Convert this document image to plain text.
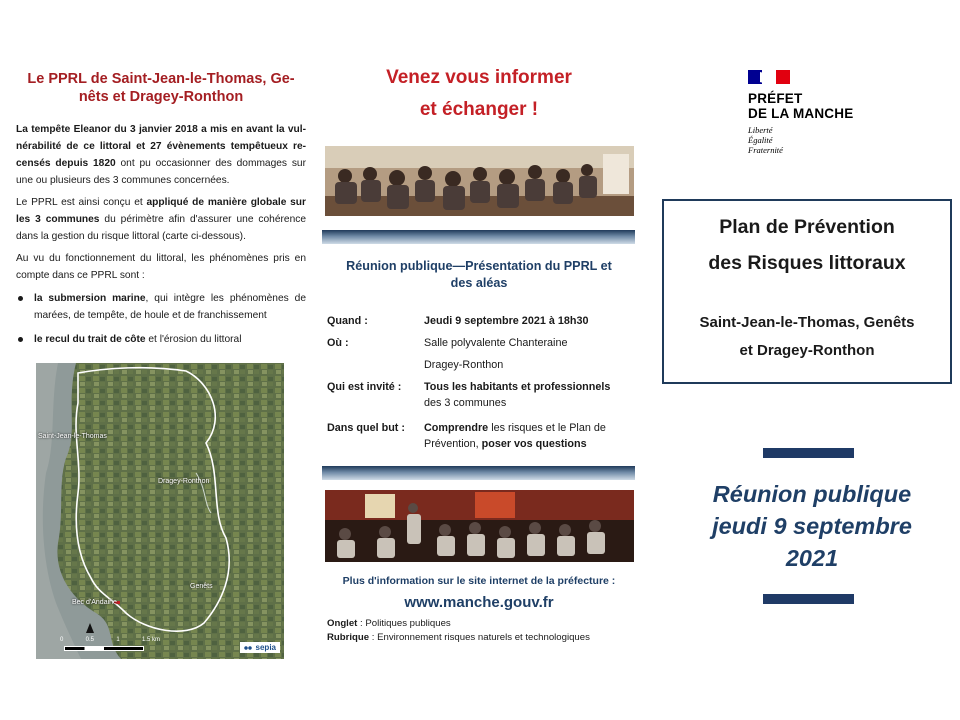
Le PPRL de Saint-Jean-le-Thomas, Ge-
nêts et Dragey-Ronthon
La tempête Eleanor du 3 janvier 2018 a mis en avant la vul-nérabilité de ce littoral et 27 évènements tempêtueux re-censés depuis 1820 ont pu occasionner des dommages sur une ou plusieurs des 3 communes concernées.
Le PPRL est ainsi conçu et appliqué de manière globale sur les 3 communes du périmètre afin d'assurer une cohérence dans la gestion du risque littoral (carte ci-dessous).
Au vu du fonctionnement du littoral, les phénomènes pris en compte dans ce PPRL sont :
la submersion marine, qui intègre les phénomènes de marées, de tempête, de houle et de franchissement
le recul du trait de côte et l'érosion du littoral
Saint-Jean-le-Thomas
Dragey-Ronthon
Genêts
Bec d'Andaine
0	0.5	1	1.5 km
sepia
Venez vous informer
et échanger !
Réunion publique—Présentation du PPRL et
des aléas
Quand :	Jeudi 9 septembre 2021 à 18h30
Où :	Salle polyvalente Chanteraine
Dragey-Ronthon
Qui est invité : Tous les habitants et professionnels
des 3 communes
Dans quel but : Comprendre les risques et le Plan de Prévention, poser vos questions
Plus d'information sur le site internet de la préfecture :
www.manche.gouv.fr
Onglet : Politiques publiques
Rubrique : Environnement risques naturels et technologiques
PRÉFET
DE LA MANCHE
Liberté
Égalité
Fraternité
Plan de Prévention
des Risques littoraux
Saint-Jean-le-Thomas, Genêts
et Dragey-Ronthon
Réunion publique
jeudi 9 septembre
2021
